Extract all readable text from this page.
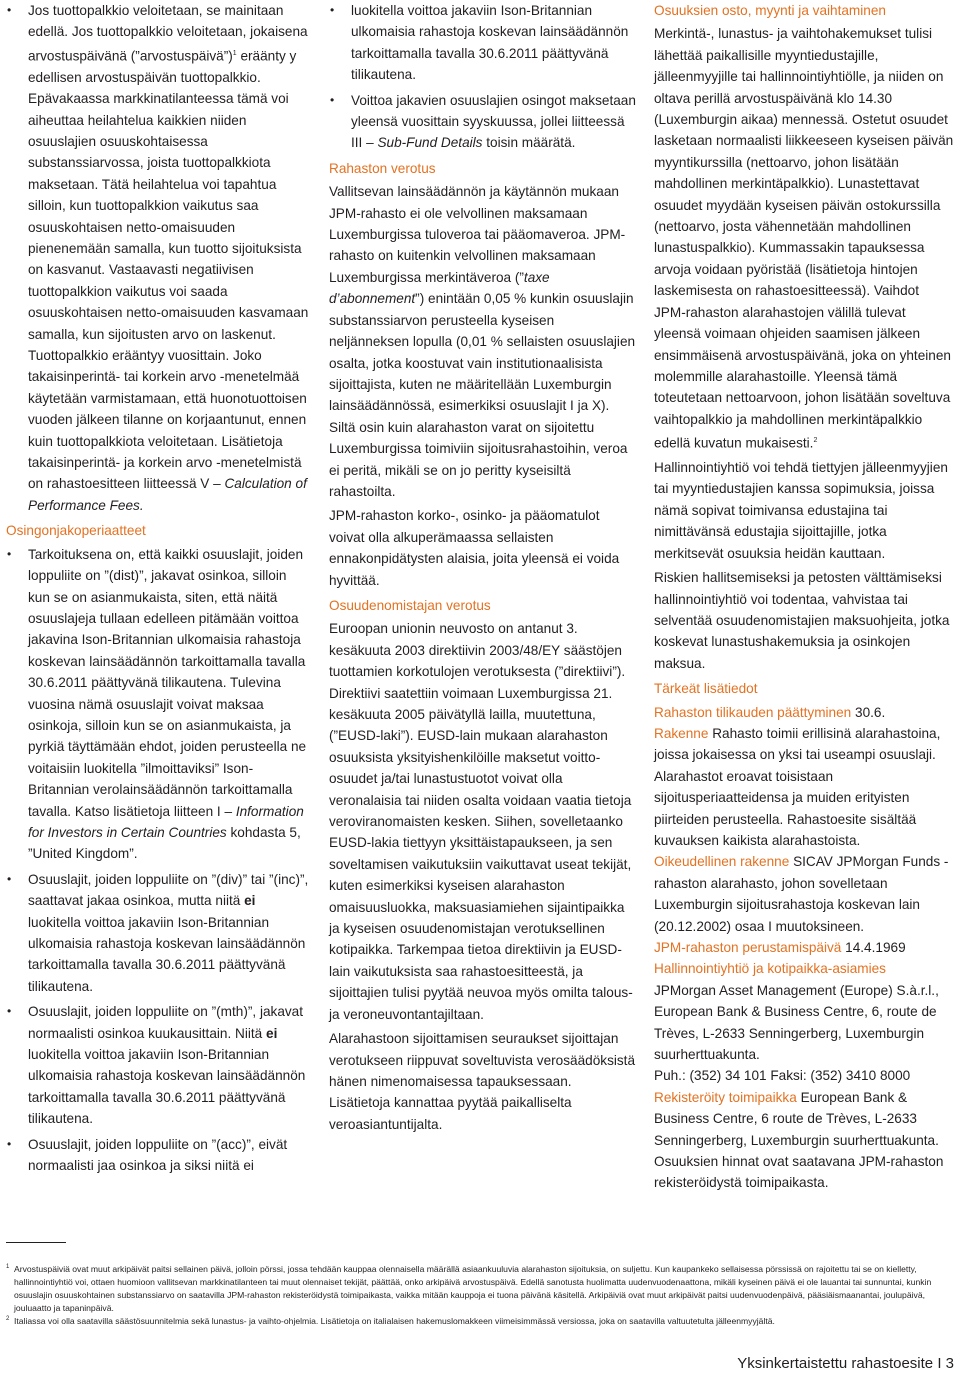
• Jos tuottopalkkio veloitetaan, se mainitaan edellä. Jos tuottopalkkio veloitetaan, jokaisena arvostuspäivänä (”arvostuspäivä”)$^1$ eräänty y edellisen arvostuspäivän tuottopalkkio. Epävakaassa markkinatilanteessa tämä voi aiheuttaa heilahtelua kaikkien niiden osuuslajien osuuskohtaisessa substanssiarvossa, joista tuottopalkkiota maksetaan. Tätä heilahtelua voi tapahtua silloin, kun tuottopalkkion vaikutus saa osuuskohtaisen netto-omaisuuden pienenemään samalla, kun tuotto sijoituksista on kasvanut. Vastaavasti negatiivisen tuottopalkkion vaikutus voi saada osuuskohtaisen netto-omaisuuden kasvamaan samalla, kun sijoitusten arvo on laskenut. Tuottopalkkio erääntyy vuosittain. Joko takaisinperintä- tai korkein arvo -menetelmää käytetään varmistamaan, että huonotuottoisen vuoden jälkeen tilanne on korjaantunut, ennen kuin tuottopalkkiota veloitetaan. Lisätietoja takaisinperintä- ja korkein arvo -menetelmistä on rahastoesitteen liitteessä V – Calculation of Performance Fees.

Osingonjakoperiaatteet

• Tarkoituksena on, että kaikki osuuslajit, joiden loppuliite on ”(dist)”, jakavat osinkoa, silloin kun se on asianmukaista, siten, että näitä osuuslajeja tullaan edelleen pitämään voittoa jakavina Ison-Britannian ulkomaisia rahastoja koskevan lainsäädännön tarkoittamalla tavalla 30.6.2011 päättyvänä tilikautena. Tulevina vuosina nämä osuuslajit voivat maksaa osinkoja, silloin kun se on asianmukaista, ja pyrkiä täyttämään ehdot, joiden perusteella ne voitaisiin luokitella ”ilmoittaviksi” Ison-Britannian verolainsäädännön tarkoittamalla tavalla. Katso lisätietoja liitteen I – Information for Investors in Certain Countries kohdasta 5, ”United Kingdom”.
• Osuuslajit, joiden loppuliite on ”(div)” tai ”(inc)”, saattavat jakaa osinkoa, mutta niitä ei luokitella voittoa jakaviin Ison-Britannian ulkomaisia rahastoja koskevan lainsäädännön tarkoittamalla tavalla 30.6.2011 päättyvänä tilikautena.
• Osuuslajit, joiden loppuliite on ”(mth)”, jakavat normaalisti osinkoa kuukausittain. Niitä ei luokitella voittoa jakaviin Ison-Britannian ulkomaisia rahastoja koskevan lainsäädännön tarkoittamalla tavalla 30.6.2011 päättyvänä tilikautena.
• Osuuslajit, joiden loppuliite on ”(acc)”, eivät normaalisti jaa osinkoa ja siksi niitä ei
• luokitella voittoa jakaviin Ison-Britannian ulkomaisia rahastoja koskevan lainsäädännön tarkoittamalla tavalla 30.6.2011 päättyvänä tilikautena.
• Voittoa jakavien osuuslajien osingot maksetaan yleensä vuosittain syyskuussa, jollei liitteessä III – Sub-Fund Details toisin määrätä.

Rahaston verotus

Vallitsevan lainsäädännön ja käytännön mukaan JPM-rahasto ei ole velvollinen maksamaan Luxemburgissa tuloveroa tai pääomaveroa. JPM-rahasto on kuitenkin velvollinen maksamaan Luxemburgissa merkintäveroa (”taxe d’abonnement”) enintään 0,05 % kunkin osuuslajin substanssiarvon perusteella kyseisen neljänneksen lopulla (0,01 % sellaisten osuuslajien osalta, jotka koostuvat vain institutionaalisista sijoittajista, kuten ne määritellään Luxemburgin lainsäädännössä, esimerkiksi osuuslajit I ja X). Siltä osin kuin alarahaston varat on sijoitettu Luxemburgissa toimiviin sijoitusrahastoihin, veroa ei peritä, mikäli se on jo peritty kyseisiltä rahastoilta.

JPM-rahaston korko-, osinko- ja pääomatulot voivat olla alkuperämaassa sellaisten ennakonpidätysten alaisia, joita yleensä ei voida hyvittää.

Osuudenomistajan verotus

Euroopan unionin neuvosto on antanut 3. kesäkuuta 2003 direktiivin 2003/48/EY säästöjen tuottamien korkotulojen verotuksesta (”direktiivi”). Direktiivi saatettiin voimaan Luxemburgissa 21. kesäkuuta 2005 päivätyllä lailla, muutettuna, (”EUSD-laki”). EUSD-lain mukaan alarahaston osuuksista yksityishenkilöille maksetut voitto-osuudet ja/tai lunastustuotot voivat olla veronalaisia tai niiden osalta voidaan vaatia tietoja veroviranomaisten kesken. Siihen, sovelletaanko EUSD-lakia tiettyyn yksittäistapaukseen, ja sen soveltamisen vaikutuksiin vaikuttavat useat tekijät, kuten esimerkiksi kyseisen alarahaston omaisuusluokka, maksuasiamiehen sijaintipaikka ja kyseisen osuudenomistajan verotuksellinen kotipaikka. Tarkempaa tietoa direktiivin ja EUSD-lain vaikutuksista saa rahastoesitteestä, ja sijoittajien tulisi pyytää neuvoa myös omilta talous- ja veroneuvontantajiltaan.

Alarahastoon sijoittamisen seuraukset sijoittajan verotukseen riippuvat soveltuvista verosäädöksistä hänen nimenomaisessa tapauksessaan. Lisätietoja kannattaa pyytää paikalliselta veroasiantuntijalta.

Osuuksien osto, myynti ja vaihtaminen

Merkintä-, lunastus- ja vaihtohakemukset tulisi lähettää paikallisille myyntiedustajille, jälleenmyyjille tai hallinnointiyhtiölle, ja niiden on oltava perillä arvostuspäivänä klo 14.30 (Luxemburgin aikaa) mennessä. Ostetut osuudet lasketaan normaalisti liikkeeseen kyseisen päivän myyntikurssilla (nettoarvo, johon lisätään mahdollinen merkintäpalkkio). Lunastettavat osuudet myydään kyseisen päivän ostokurssilla (nettoarvo, josta vähennetään mahdollinen lunastuspalkkio). Kummassakin tapauksessa arvoja voidaan pyöristää (lisätietoja hintojen laskemisesta on rahastoesitteessä). Vaihdot JPM-rahaston alarahastojen välillä tulevat yleensä voimaan ohjeiden saamisen jälkeen ensimmäisenä arvostuspäivänä, joka on yhteinen molemmille alarahastoille. Yleensä tämä toteutetaan nettoarvoon, johon lisätään soveltuva vaihtopalkkio ja mahdollinen merkintäpalkkio edellä kuvatun mukaisesti.$^2$

Hallinnointiyhtiö voi tehdä tiettyjen jälleenmyyjien tai myyntiedustajien kanssa sopimuksia, joissa nämä sopivat toimivansa edustajina tai nimittävänsä edustajia sijoittajille, jotka merkitsevät osuuksia heidän kauttaan.

Riskien hallitsemiseksi ja petosten välttämiseksi hallinnointiyhtiö voi todentaa, vahvistaa tai selventää osuudenomistajien maksuohjeita, jotka koskevat lunastushakemuksia ja osinkojen maksua.

Tärkeät lisätiedot

Rahaston tilikauden päättyminen 30.6.

Rakenne Rahasto toimii erillisinä alarahastoina, joissa jokaisessa on yksi tai useampi osuuslaji. Alarahastot eroavat toisistaan sijoitusperiaatteidensa ja muiden erityisten piirteiden perusteella. Rahastoesite sisältää kuvauksen kaikista alarahastoista.

Oikeudellinen rakenne SICAV JPMorgan Funds -rahaston alarahasto, johon sovelletaan Luxemburgin sijoitusrahastoja koskevan lain (20.12.2002) osaa I muutoksineen.

JPM-rahaston perustamispäivä 14.4.1969

Hallinnointiyhtiö ja kotipaikka-asiamies
JPMorgan Asset Management (Europe) S.à.r.l., European Bank & Business Centre, 6, route de Trèves, L-2633 Senningerberg, Luxemburgin suurherttuakunta.
Puh.: (352) 34 101 Faksi: (352) 3410 8000

Rekisteröity toimipaikka European Bank & Business Centre, 6 route de Trèves, L-2633 Senningerberg, Luxemburgin suurherttuakunta.

Osuuksien hinnat ovat saatavana JPM-rahaston rekisteröidystä toimipaikasta.

1 Arvostuspäiviä ovat muut arkipäivät paitsi sellainen päivä, jolloin pörssi, jossa tehdään kauppaa olennaisella määrällä asiaankuuluvia alarahaston sijoituksia, on suljettu. Kun kaupankeko sellaisessa pörssissä on rajoitettu tai se on kielletty, hallinnointiyhtiö voi, ottaen huomioon vallitsevan markkinatilanteen tai muut olennaiset tekijät, päättää, onko arkipäivä arvostuspäivä. Edellä sanotusta huolimatta uudenvuodenaattona, mikäli kyseinen päivä ei ole lauantai tai sunnuntai, kunkin osuuslajin osuuskohtainen substanssiarvo on saatavilla JPM-rahaston rekisteröidystä toimipaikasta, vaikka mitään kauppoja ei tuona päivänä käsitellä. Arkipäiviä ovat muut arkipäivät paitsi uudenvuodenpäivä, pääsiäismaanantai, joulupäivä, jouluaatto ja tapaninpäivä.
2 Italiassa voi olla saatavilla säästösuunnitelmia sekä lunastus- ja vaihto-ohjelmia. Lisätietoja on italialaisen hakemuslomakkeen viimeisimmässä versiossa, joka on saatavilla valtuutetulta jälleenmyyjältä.
Yksinkertaistettu rahastoesite I 3
